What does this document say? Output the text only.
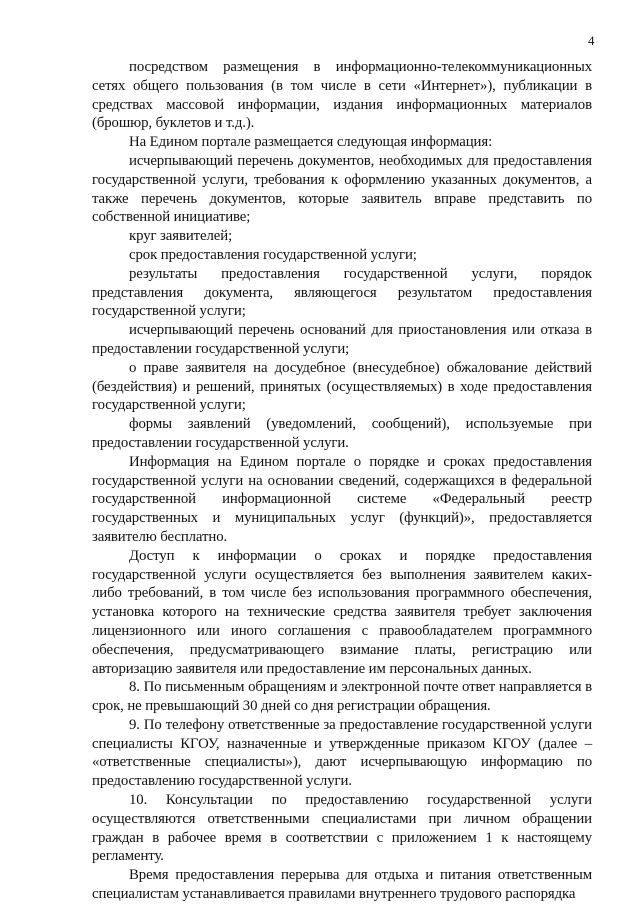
4

посредством размещения в информационно-телекоммуникационных сетях общего пользования (в том числе в сети «Интернет»), публикации в средствах массовой информации, издания информационных материалов (брошюр, буклетов и т.д.).

На Едином портале размещается следующая информация:

исчерпывающий перечень документов, необходимых для предоставления государственной услуги, требования к оформлению указанных документов, а также перечень документов, которые заявитель вправе представить по собственной инициативе;

круг заявителей;

срок предоставления государственной услуги;

результаты предоставления государственной услуги, порядок представления документа, являющегося результатом предоставления государственной услуги;

исчерпывающий перечень оснований для приостановления или отказа в предоставлении государственной услуги;

о праве заявителя на досудебное (внесудебное) обжалование действий (бездействия) и решений, принятых (осуществляемых) в ходе предоставления государственной услуги;

формы заявлений (уведомлений, сообщений), используемые при предоставлении государственной услуги.

Информация на Едином портале о порядке и сроках предоставления государственной услуги на основании сведений, содержащихся в федеральной государственной информационной системе «Федеральный реестр государственных и муниципальных услуг (функций)», предоставляется заявителю бесплатно.

Доступ к информации о сроках и порядке предоставления государственной услуги осуществляется без выполнения заявителем каких-либо требований, в том числе без использования программного обеспечения, установка которого на технические средства заявителя требует заключения лицензионного или иного соглашения с правообладателем программного обеспечения, предусматривающего взимание платы, регистрацию или авторизацию заявителя или предоставление им персональных данных.

8. По письменным обращениям и электронной почте ответ направляется в срок, не превышающий 30 дней со дня регистрации обращения.

9. По телефону ответственные за предоставление государственной услуги специалисты КГОУ, назначенные и утвержденные приказом КГОУ (далее – «ответственные специалисты»), дают исчерпывающую информацию по предоставлению государственной услуги.

10. Консультации по предоставлению государственной услуги осуществляются ответственными специалистами при личном обращении граждан в рабочее время в соответствии с приложением 1 к настоящему регламенту.

Время предоставления перерыва для отдыха и питания ответственным специалистам устанавливается правилами внутреннего трудового распорядка
